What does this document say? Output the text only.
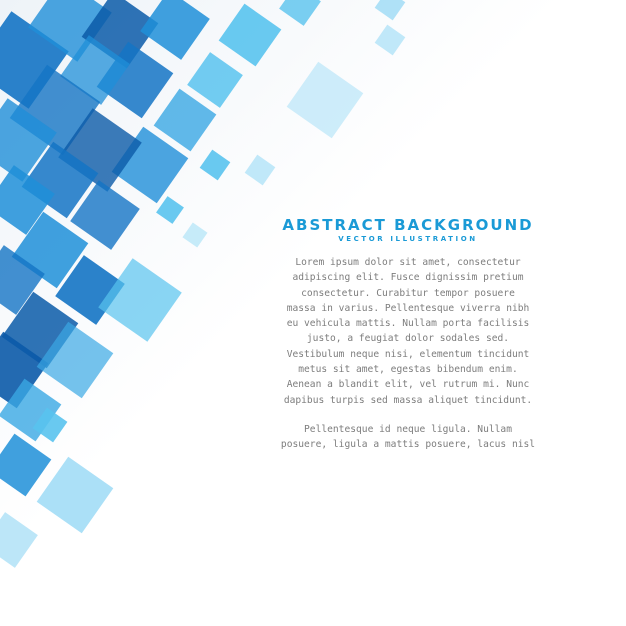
ABSTRACT BACKGROUND
VECTOR ILLUSTRATION
Lorem ipsum dolor sit amet, consectetur
adipiscing elit. Fusce dignissim pretium
consectetur. Curabitur tempor posuere
massa in varius. Pellentesque viverra nibh
eu vehicula mattis. Nullam porta facilisis
justo, a feugiat dolor sodales sed.
Vestibulum neque nisi, elementum tincidunt
metus sit amet, egestas bibendum enim.
Aenean a blandit elit, vel rutrum mi. Nunc
dapibus turpis sed massa aliquet tincidunt.
Pellentesque id neque ligula. Nullam
posuere, ligula a mattis posuere, lacus nisl
